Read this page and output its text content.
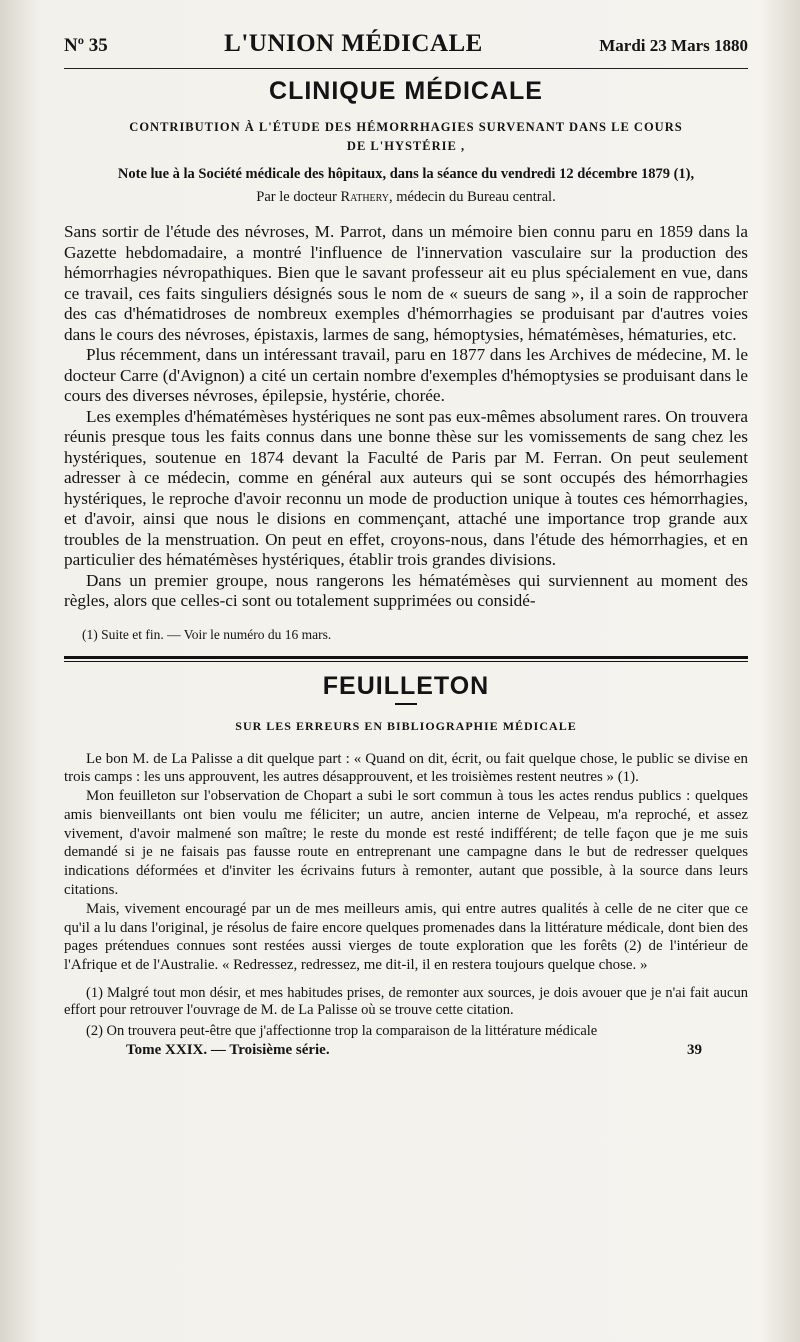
Nº 35	L'UNION MÉDICALE	Mardi 23 Mars 1880
CLINIQUE MÉDICALE

CONTRIBUTION À L'ÉTUDE DES HÉMORRHAGIES SURVENANT DANS LE COURS

DE L'HYSTÉRIE ,

Note lue à la Société médicale des hôpitaux, dans la séance du vendredi 12 décembre 1879 (1),

Par le docteur Rathery, médecin du Bureau central.

Sans sortir de l'étude des névroses, M. Parrot, dans un mémoire bien connu paru en 1859 dans la Gazette hebdomadaire, a montré l'influence de l'innervation vasculaire sur la production des hémorrhagies névropathiques. Bien que le savant professeur ait eu plus spécialement en vue, dans ce travail, ces faits singuliers désignés sous le nom de « sueurs de sang », il a soin de rapprocher des cas d'hématidroses de nombreux exemples d'hémorrhagies se produisant par d'autres voies dans le cours des névroses, épistaxis, larmes de sang, hémoptysies, hématémèses, hématuries, etc.

Plus récemment, dans un intéressant travail, paru en 1877 dans les Archives de médecine, M. le docteur Carre (d'Avignon) a cité un certain nombre d'exemples d'hémoptysies se produisant dans le cours des diverses névroses, épilepsie, hystérie, chorée.

Les exemples d'hématémèses hystériques ne sont pas eux-mêmes absolument rares. On trouvera réunis presque tous les faits connus dans une bonne thèse sur les vomissements de sang chez les hystériques, soutenue en 1874 devant la Faculté de Paris par M. Ferran. On peut seulement adresser à ce médecin, comme en général aux auteurs qui se sont occupés des hémorrhagies hystériques, le reproche d'avoir reconnu un mode de production unique à toutes ces hémorrhagies, et d'avoir, ainsi que nous le disions en commençant, attaché une importance trop grande aux troubles de la menstruation. On peut en effet, croyons-nous, dans l'étude des hémorrhagies, et en particulier des hématémèses hystériques, établir trois grandes divisions.

Dans un premier groupe, nous rangerons les hématémèses qui surviennent au moment des règles, alors que celles-ci sont ou totalement supprimées ou considé-

(1) Suite et fin. — Voir le numéro du 16 mars.

FEUILLETON

SUR LES ERREURS EN BIBLIOGRAPHIE MÉDICALE

Le bon M. de La Palisse a dit quelque part : « Quand on dit, écrit, ou fait quelque chose, le public se divise en trois camps : les uns approuvent, les autres désapprouvent, et les troisièmes restent neutres » (1).

Mon feuilleton sur l'observation de Chopart a subi le sort commun à tous les actes rendus publics : quelques amis bienveillants ont bien voulu me féliciter; un autre, ancien interne de Velpeau, m'a reproché, et assez vivement, d'avoir malmené son maître; le reste du monde est resté indifférent; de telle façon que je me suis demandé si je ne faisais pas fausse route en entreprenant une campagne dans le but de redresser quelques indications déformées et d'inviter les écrivains futurs à remonter, autant que possible, à la source dans leurs citations.

Mais, vivement encouragé par un de mes meilleurs amis, qui entre autres qualités à celle de ne citer que ce qu'il a lu dans l'original, je résolus de faire encore quelques promenades dans la littérature médicale, dont bien des pages prétendues connues sont restées aussi vierges de toute exploration que les forêts (2) de l'intérieur de l'Afrique et de l'Australie. « Redressez, redressez, me dit-il, il en restera toujours quelque chose. »

(1) Malgré tout mon désir, et mes habitudes prises, de remonter aux sources, je dois avouer que je n'ai fait aucun effort pour retrouver l'ouvrage de M. de La Palisse où se trouve cette citation.

(2) On trouvera peut-être que j'affectionne trop la comparaison de la littérature médicale

Tome XXIX. — Troisième série.	39
